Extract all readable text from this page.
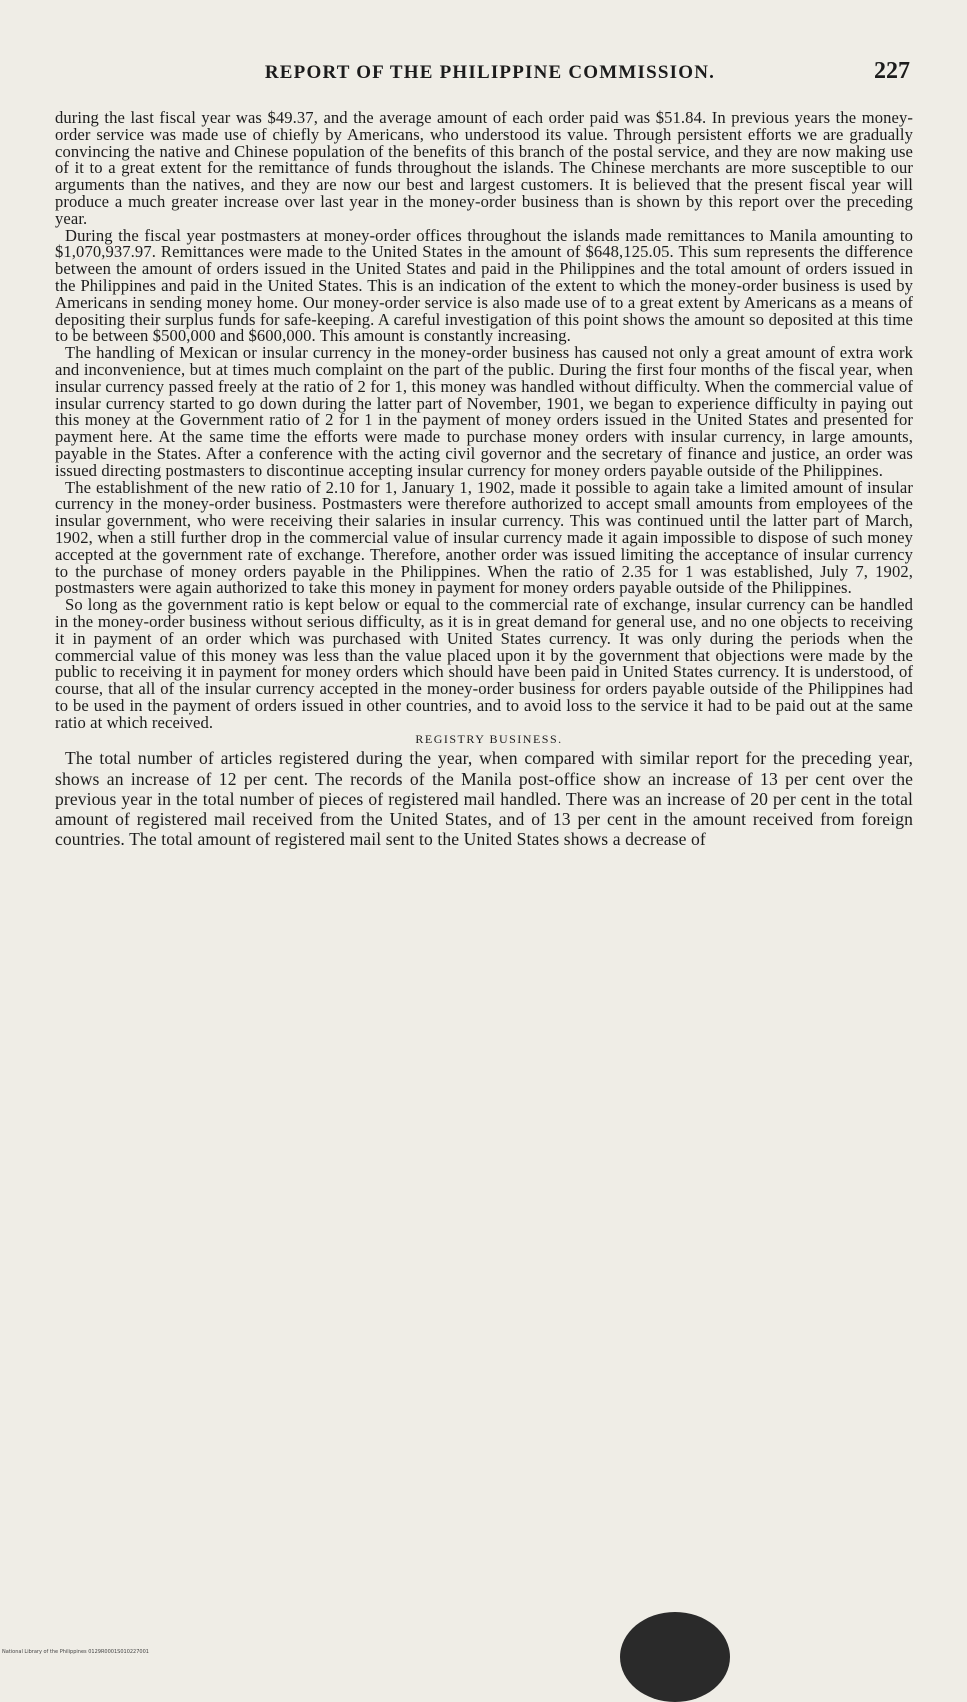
REPORT OF THE PHILIPPINE COMMISSION.	227

during the last fiscal year was $49.37, and the average amount of each order paid was $51.84. In previous years the money-order service was made use of chiefly by Americans, who understood its value. Through persistent efforts we are gradually convincing the native and Chinese population of the benefits of this branch of the postal service, and they are now making use of it to a great extent for the remittance of funds throughout the islands. The Chinese merchants are more susceptible to our arguments than the natives, and they are now our best and largest customers. It is believed that the present fiscal year will produce a much greater increase over last year in the money-order business than is shown by this report over the preceding year.

During the fiscal year postmasters at money-order offices throughout the islands made remittances to Manila amounting to $1,070,937.97. Remittances were made to the United States in the amount of $648,125.05. This sum represents the difference between the amount of orders issued in the United States and paid in the Philippines and the total amount of orders issued in the Philippines and paid in the United States. This is an indication of the extent to which the money-order business is used by Americans in sending money home. Our money-order service is also made use of to a great extent by Americans as a means of depositing their surplus funds for safe-keeping. A careful investigation of this point shows the amount so deposited at this time to be between $500,000 and $600,000. This amount is constantly increasing.

The handling of Mexican or insular currency in the money-order business has caused not only a great amount of extra work and inconvenience, but at times much complaint on the part of the public. During the first four months of the fiscal year, when insular currency passed freely at the ratio of 2 for 1, this money was handled without difficulty. When the commercial value of insular currency started to go down during the latter part of November, 1901, we began to experience difficulty in paying out this money at the Government ratio of 2 for 1 in the payment of money orders issued in the United States and presented for payment here. At the same time the efforts were made to purchase money orders with insular currency, in large amounts, payable in the States. After a conference with the acting civil governor and the secretary of finance and justice, an order was issued directing postmasters to discontinue accepting insular currency for money orders payable outside of the Philippines.

The establishment of the new ratio of 2.10 for 1, January 1, 1902, made it possible to again take a limited amount of insular currency in the money-order business. Postmasters were therefore authorized to accept small amounts from employees of the insular government, who were receiving their salaries in insular currency. This was continued until the latter part of March, 1902, when a still further drop in the commercial value of insular currency made it again impossible to dispose of such money accepted at the government rate of exchange. Therefore, another order was issued limiting the acceptance of insular currency to the purchase of money orders payable in the Philippines. When the ratio of 2.35 for 1 was established, July 7, 1902, postmasters were again authorized to take this money in payment for money orders payable outside of the Philippines.

So long as the government ratio is kept below or equal to the commercial rate of exchange, insular currency can be handled in the money-order business without serious difficulty, as it is in great demand for general use, and no one objects to receiving it in payment of an order which was purchased with United States currency. It was only during the periods when the commercial value of this money was less than the value placed upon it by the government that objections were made by the public to receiving it in payment for money orders which should have been paid in United States currency. It is understood, of course, that all of the insular currency accepted in the money-order business for orders payable outside of the Philippines had to be used in the payment of orders issued in other countries, and to avoid loss to the service it had to be paid out at the same ratio at which received.

REGISTRY BUSINESS.

The total number of articles registered during the year, when compared with similar report for the preceding year, shows an increase of 12 per cent. The records of the Manila post-office show an increase of 13 per cent over the previous year in the total number of pieces of registered mail handled. There was an increase of 20 per cent in the total amount of registered mail received from the United States, and of 13 per cent in the amount received from foreign countries. The total amount of registered mail sent to the United States shows a decrease of

National Library of the Philippines 0129R0001S010227001
